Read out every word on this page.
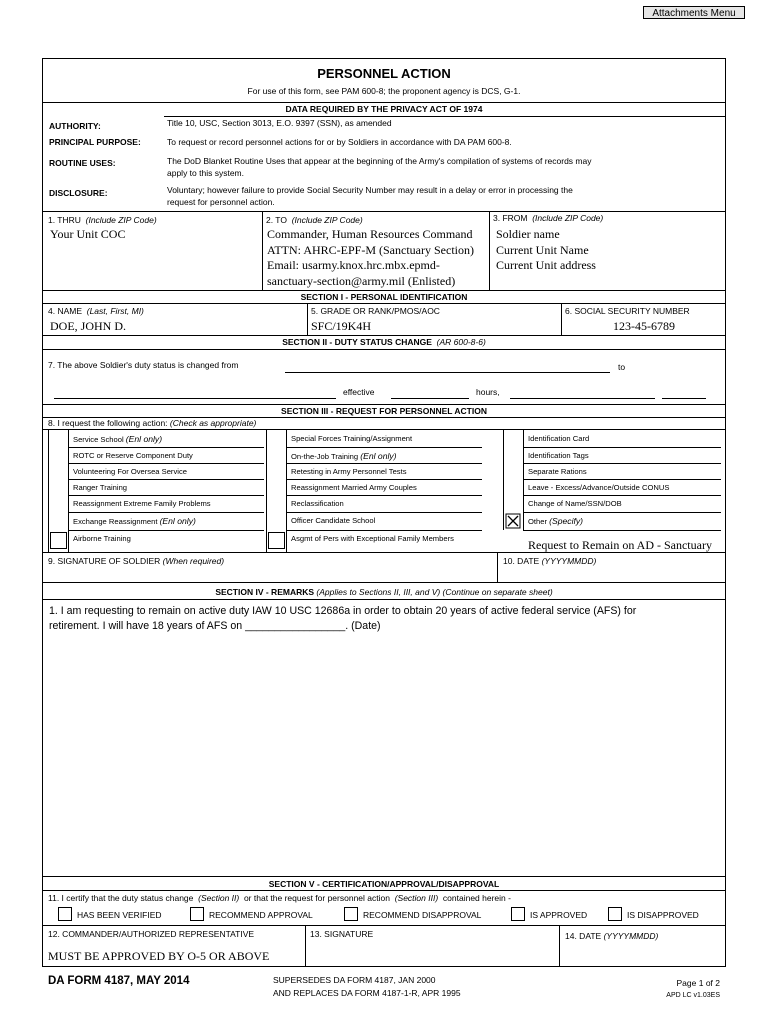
Attachments Menu
PERSONNEL ACTION
For use of this form, see PAM 600-8; the proponent agency is DCS, G-1.
DATA REQUIRED BY THE PRIVACY ACT OF 1974
AUTHORITY:	Title 10, USC, Section 3013, E.O. 9397 (SSN), as amended
PRINCIPAL PURPOSE:	To request or record personnel actions for or by Soldiers in accordance with DA PAM 600-8.
ROUTINE USES:	The DoD Blanket Routine Uses that appear at the beginning of the Army's compilation of systems of records may
apply to this system.
DISCLOSURE:	Voluntary; however failure to provide Social Security Number may result in a delay or error in processing the
request for personnel action.
1. THRU (Include ZIP Code)
Your Unit COC
2. TO (Include ZIP Code)
Commander, Human Resources Command
ATTN: AHRC-EPF-M (Sanctuary Section)
Email: usarmy.knox.hrc.mbx.epmd-
sanctuary-section@army.mil (Enlisted)
3. FROM (Include ZIP Code)
Soldier name
Current Unit Name
Current Unit address
SECTION I - PERSONAL IDENTIFICATION
4. NAME (Last, First, MI)
DOE, JOHN D.
5. GRADE OR RANK/PMOS/AOC
SFC/19K4H
6. SOCIAL SECURITY NUMBER
123-45-6789
SECTION II - DUTY STATUS CHANGE (AR 600-8-6)
7. The above Soldier's duty status is changed from	to
effective	hours,
SECTION III - REQUEST FOR PERSONNEL ACTION
8. I request the following action: (Check as appropriate)
Service School (Enl only)
ROTC or Reserve Component Duty
Volunteering For Oversea Service
Ranger Training
Reassignment Extreme Family Problems
Exchange Reassignment (Enl only)
Airborne Training
Special Forces Training/Assignment
On-the-Job Training (Enl only)
Retesting in Army Personnel Tests
Reassignment Married Army Couples
Reclassification
Officer Candidate School
Asgmt of Pers with Exceptional Family Members
Identification Card
Identification Tags
Separate Rations
Leave - Excess/Advance/Outside CONUS
Change of Name/SSN/DOB
Other (Specify)
Request to Remain on AD - Sanctuary
9. SIGNATURE OF SOLDIER (When required)	10. DATE (YYYYMMDD)
SECTION IV - REMARKS (Applies to Sections II, III, and V) (Continue on separate sheet)
1. I am requesting to remain on active duty IAW 10 USC 12686a in order to obtain 20 years of active federal service (AFS) for
retirement. I will have 18 years of AFS on _________________. (Date)
SECTION V - CERTIFICATION/APPROVAL/DISAPPROVAL
11. I certify that the duty status change (Section II) or that the request for personnel action (Section III) contained herein -
HAS BEEN VERIFIED	RECOMMEND APPROVAL	RECOMMEND DISAPPROVAL	IS APPROVED	IS DISAPPROVED
12. COMMANDER/AUTHORIZED REPRESENTATIVE
MUST BE APPROVED BY O-5 OR ABOVE
13. SIGNATURE	14. DATE (YYYYMMDD)
DA FORM 4187, MAY 2014	SUPERSEDES DA FORM 4187, JAN 2000
AND REPLACES DA FORM 4187-1-R, APR 1995
Page 1 of 2
APD LC v1.03ES
